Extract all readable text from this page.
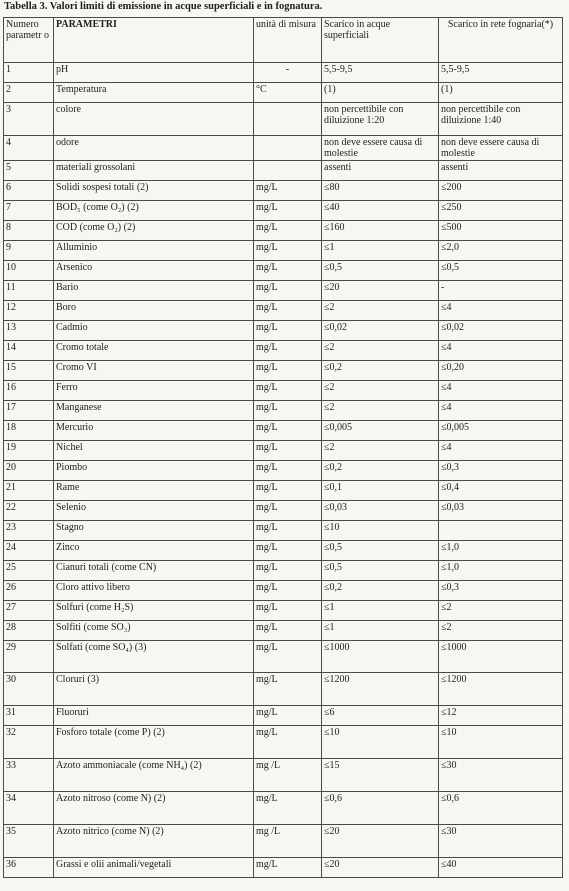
Tabella 3. Valori limiti di emissione in acque superficiali e in fognatura.
Numero parametr o	PARAMETRI	unità di misura	Scarico in acque superficiali	Scarico in rete fognaria(*)
1	pH	-	5,5-9,5	5,5-9,5
2	Temperatura	°C	(1)	(1)
3	colore		non percettibile con diluizione 1:20	non percettibile con diluizione 1:40
4	odore		non deve essere causa di molestie	non deve essere causa di molestie
5	materiali grossolani		assenti	assenti
6	Solidi sospesi totali (2)	mg/L	≤80	≤200
7	BOD₅ (come O₂) (2)	mg/L	≤40	≤250
8	COD (come O₂) (2)	mg/L	≤160	≤500
9	Alluminio	mg/L	≤1	≤2,0
10	Arsenico	mg/L	≤0,5	≤0,5
11	Bario	mg/L	≤20	-
12	Boro	mg/L	≤2	≤4
13	Cadmio	mg/L	≤0,02	≤0,02
14	Cromo totale	mg/L	≤2	≤4
15	Cromo VI	mg/L	≤0,2	≤0,20
16	Ferro	mg/L	≤2	≤4
17	Manganese	mg/L	≤2	≤4
18	Mercurio	mg/L	≤0,005	≤0,005
19	Nichel	mg/L	≤2	≤4
20	Piombo	mg/L	≤0,2	≤0,3
21	Rame	mg/L	≤0,1	≤0,4
22	Selenio	mg/L	≤0,03	≤0,03
23	Stagno	mg/L	≤10	
24	Zinco	mg/L	≤0,5	≤1,0
25	Cianuri totali (come CN)	mg/L	≤0,5	≤1,0
26	Cloro attivo libero	mg/L	≤0,2	≤0,3
27	Solfuri (come H₂S)	mg/L	≤1	≤2
28	Solfiti (come SO₃)	mg/L	≤1	≤2
29	Solfati (come SO₄) (3)	mg/L	≤1000	≤1000
30	Cloruri (3)	mg/L	≤1200	≤1200
31	Fluoruri	mg/L	≤6	≤12
32	Fosforo totale (come P) (2)	mg/L	≤10	≤10
33	Azoto ammoniacale (come NH₄) (2)	mg /L	≤15	≤30
34	Azoto nitroso (come N) (2)	mg/L	≤0,6	≤0,6
35	Azoto nitrico (come N) (2)	mg /L	≤20	≤30
36	Grassi e olii animali/vegetali	mg/L	≤20	≤40
